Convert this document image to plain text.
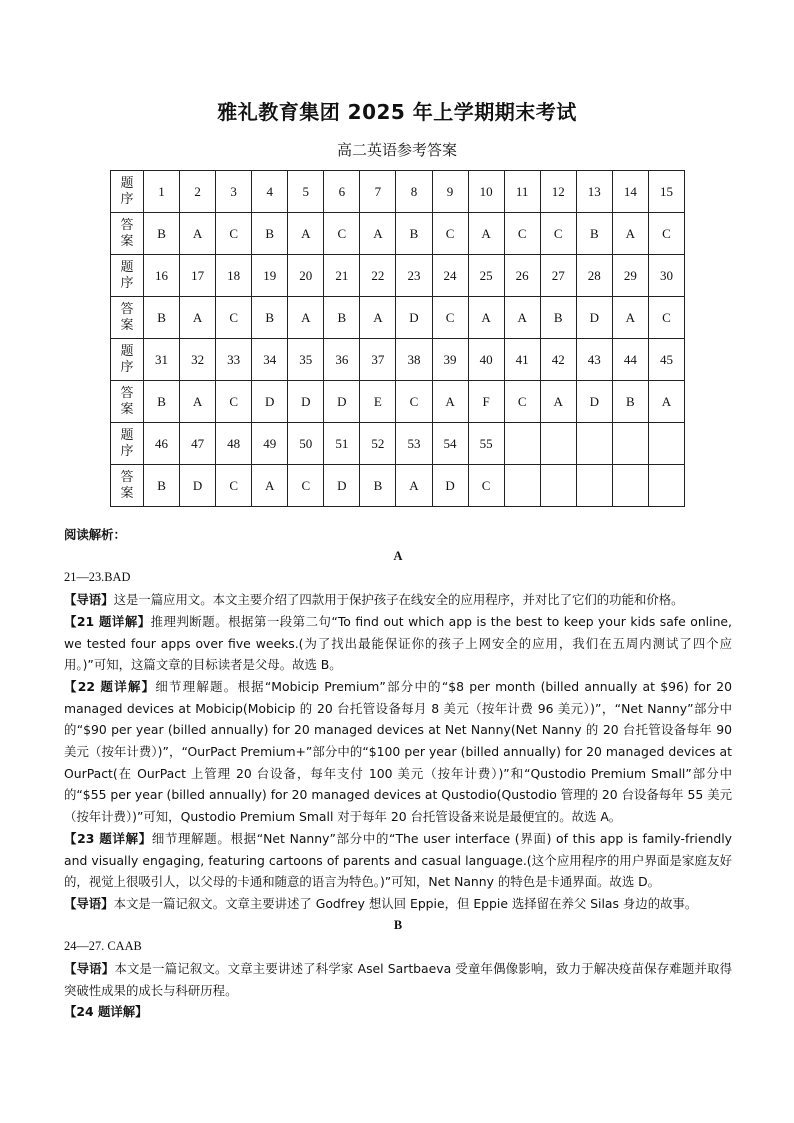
雅礼教育集团 2025 年上学期期末考试
高二英语参考答案
题
序	1	2	3	4	5	6	7	8	9	10	11	12	13	14	15
答
案	B	A	C	B	A	C	A	B	C	A	C	C	B	A	C
题
序	16	17	18	19	20	21	22	23	24	25	26	27	28	29	30
答
案	B	A	C	B	A	B	A	D	C	A	A	B	D	A	C
题
序	31	32	33	34	35	36	37	38	39	40	41	42	43	44	45
答
案	B	A	C	D	D	D	E	C	A	F	C	A	D	B	A
题
序	46	47	48	49	50	51	52	53	54	55					
答
案	B	D	C	A	C	D	B	A	D	C					

阅读解析：

A

21—23.BAD

【导语】这是一篇应用文。本文主要介绍了四款用于保护孩子在线安全的应用程序，并对比了它们的功能和价格。

【21 题详解】推理判断题。根据第一段第二句“To find out which app is the best to keep your kids safe online, we tested four apps over five weeks.(为了找出最能保证你的孩子上网安全的应用，我们在五周内测试了四个应用。)”可知，这篇文章的目标读者是父母。故选 B。

【22 题详解】细节理解题。根据“Mobicip Premium”部分中的“$8 per month (billed annually at $96) for 20 managed devices at Mobicip(Mobicip 的 20 台托管设备每月 8 美元（按年计费 96 美元）)”，“Net Nanny”部分中的“$90 per year (billed annually) for 20 managed devices at Net Nanny(Net Nanny 的 20 台托管设备每年 90 美元（按年计费）)”，“OurPact Premium+”部分中的“$100 per year (billed annually) for 20 managed devices at OurPact(在 OurPact 上管理 20 台设备，每年支付 100 美元（按年计费）)”和“Qustodio Premium Small”部分中的“$55 per year (billed annually) for 20 managed devices at Qustodio(Qustodio 管理的 20 台设备每年 55 美元（按年计费）)”可知，Qustodio Premium Small 对于每年 20 台托管设备来说是最便宜的。故选 A。

【23 题详解】细节理解题。根据“Net Nanny”部分中的“The user interface (界面) of this app is family-friendly and visually engaging, featuring cartoons of parents and casual language.(这个应用程序的用户界面是家庭友好的，视觉上很吸引人，以父母的卡通和随意的语言为特色。)”可知，Net Nanny 的特色是卡通界面。故选 D。

【导语】本文是一篇记叙文。文章主要讲述了 Godfrey 想认回 Eppie，但 Eppie 选择留在养父 Silas 身边的故事。

B

24—27. CAAB

【导语】本文是一篇记叙文。文章主要讲述了科学家 Asel Sartbaeva 受童年偶像影响，致力于解决疫苗保存难题并取得突破性成果的成长与科研历程。

【24 题详解】
